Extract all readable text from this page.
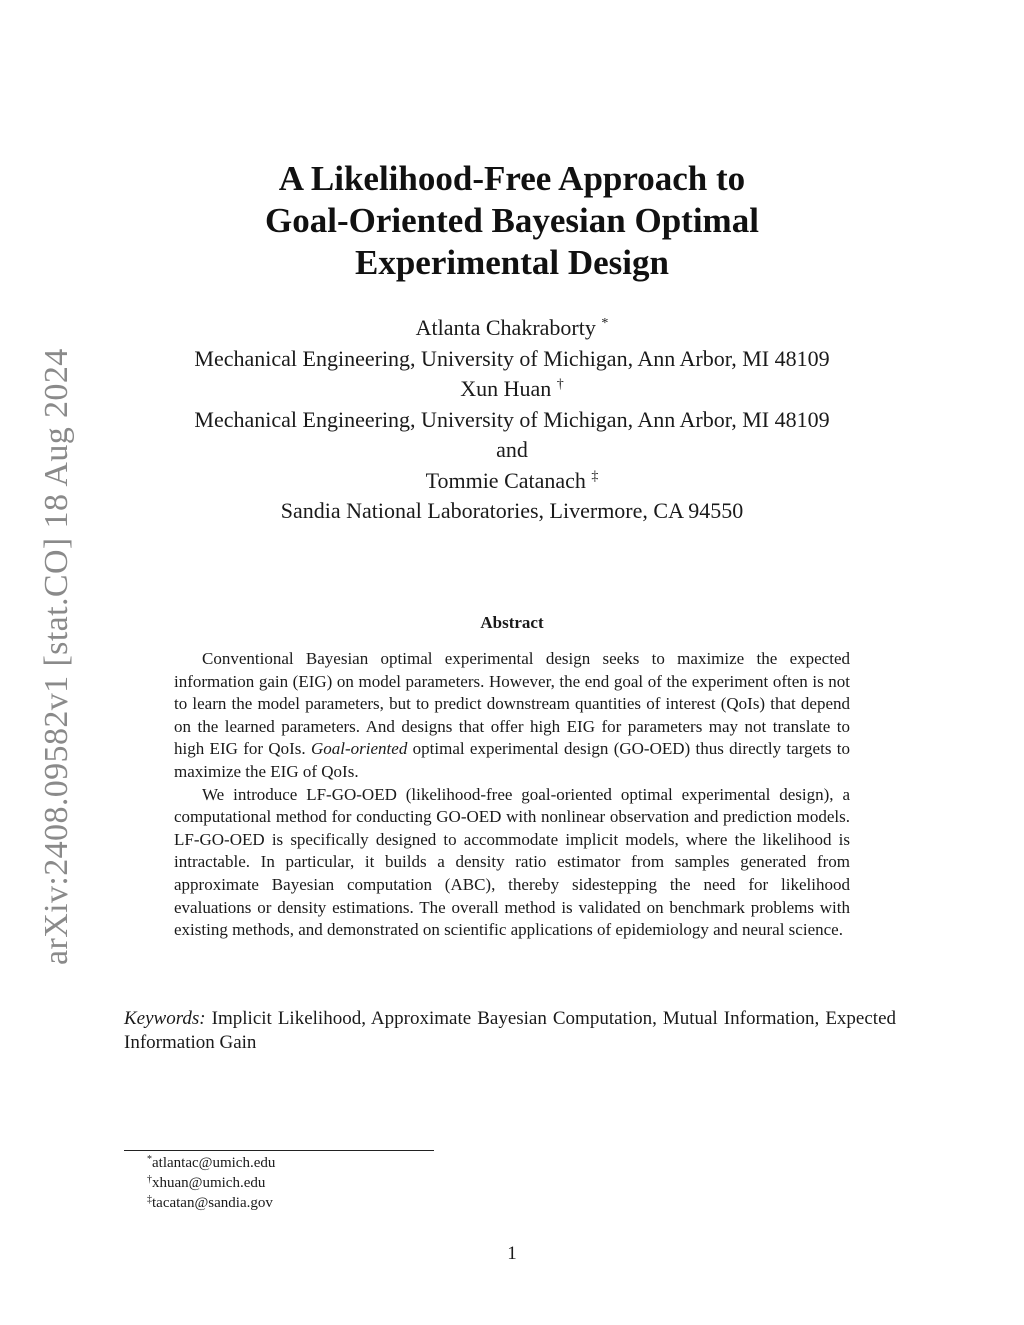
arXiv:2408.09582v1 [stat.CO] 18 Aug 2024
A Likelihood-Free Approach to
Goal-Oriented Bayesian Optimal
Experimental Design
Atlanta Chakraborty *
Mechanical Engineering, University of Michigan, Ann Arbor, MI 48109
Xun Huan †
Mechanical Engineering, University of Michigan, Ann Arbor, MI 48109
and
Tommie Catanach ‡
Sandia National Laboratories, Livermore, CA 94550
Abstract

Conventional Bayesian optimal experimental design seeks to maximize the expected information gain (EIG) on model parameters. However, the end goal of the experiment often is not to learn the model parameters, but to predict downstream quantities of interest (QoIs) that depend on the learned parameters. And designs that offer high EIG for parameters may not translate to high EIG for QoIs. Goal-oriented optimal experimental design (GO-OED) thus directly targets to maximize the EIG of QoIs.

We introduce LF-GO-OED (likelihood-free goal-oriented optimal experimental design), a computational method for conducting GO-OED with nonlinear observation and prediction models. LF-GO-OED is specifically designed to accommodate implicit models, where the likelihood is intractable. In particular, it builds a density ratio estimator from samples generated from approximate Bayesian computation (ABC), thereby sidestepping the need for likelihood evaluations or density estimations. The overall method is validated on benchmark problems with existing methods, and demonstrated on scientific applications of epidemiology and neural science.

Keywords: Implicit Likelihood, Approximate Bayesian Computation, Mutual Information, Expected Information Gain
*atlantac@umich.edu
†xhuan@umich.edu
‡tacatan@sandia.gov
1
